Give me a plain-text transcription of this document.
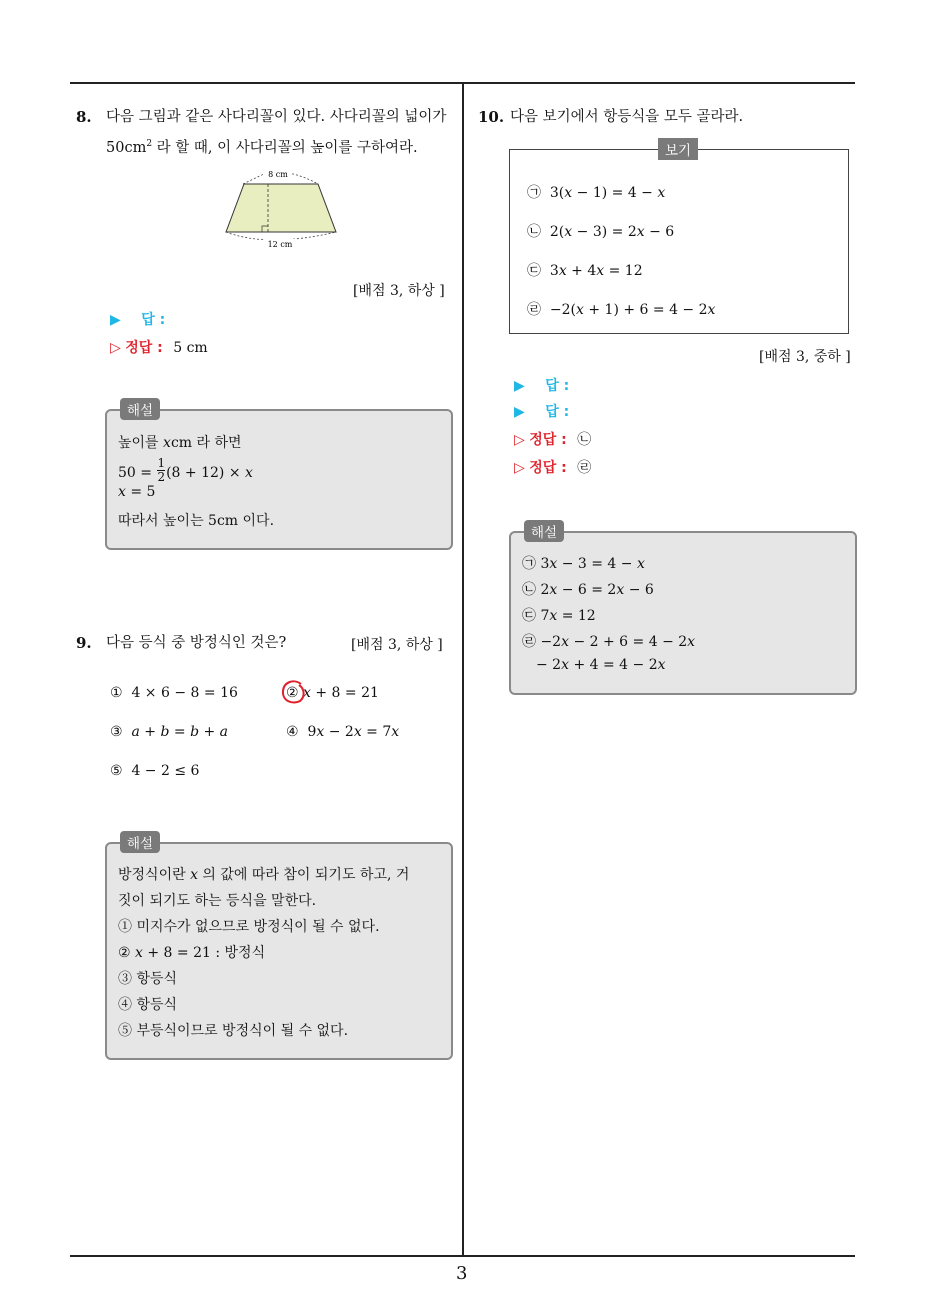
3
8. 다음 그림과 같은 사다리꼴이 있다. 사다리꼴의 넓이가
$50cm^2$ 라 할 때, 이 사다리꼴의 높이를 구하여라.
8 cm
12 cm
[배점 3, 하상 ]
▶ 답 :
▷ 정답 : 5 cm
해설
높이를 xcm 라 하면
$50 = \frac{1}{2} (8 + 12) \times x$
x = 5
따라서 높이는 5cm 이다.
9. 다음 등식 중 방정식인 것은?	[배점 3, 하상 ]
①  4 × 6 − 8 = 16	② x + 8 = 21
③  a + b = b + a	④  9x − 2x = 7x
⑤  4 − 2 ≤ 6
해설
방정식이란 x 의 값에 따라 참이 되기도 하고, 거
짓이 되기도 하는 등식을 말한다.
① 미지수가 없으므로 방정식이 될 수 없다.
② x + 8 = 21 : 방정식
③ 항등식
④ 항등식
⑤ 부등식이므로 방정식이 될 수 없다.
10. 다음 보기에서 항등식을 모두 골라라.
보기
㉠  3(x − 1) = 4 − x
㉡  2(x − 3) = 2x − 6
㉢  3x + 4x = 12
㉣  −2(x + 1) + 6 = 4 − 2x
[배점 3, 중하 ]
▶ 답 :
▶ 답 :
▷ 정답 : ㉡
▷ 정답 : ㉣
해설
㉠ 3x − 3 = 4 − x
㉡ 2x − 6 = 2x − 6
㉢ 7x = 12
㉣ −2x − 2 + 6 = 4 − 2x
− 2x + 4 = 4 − 2x
